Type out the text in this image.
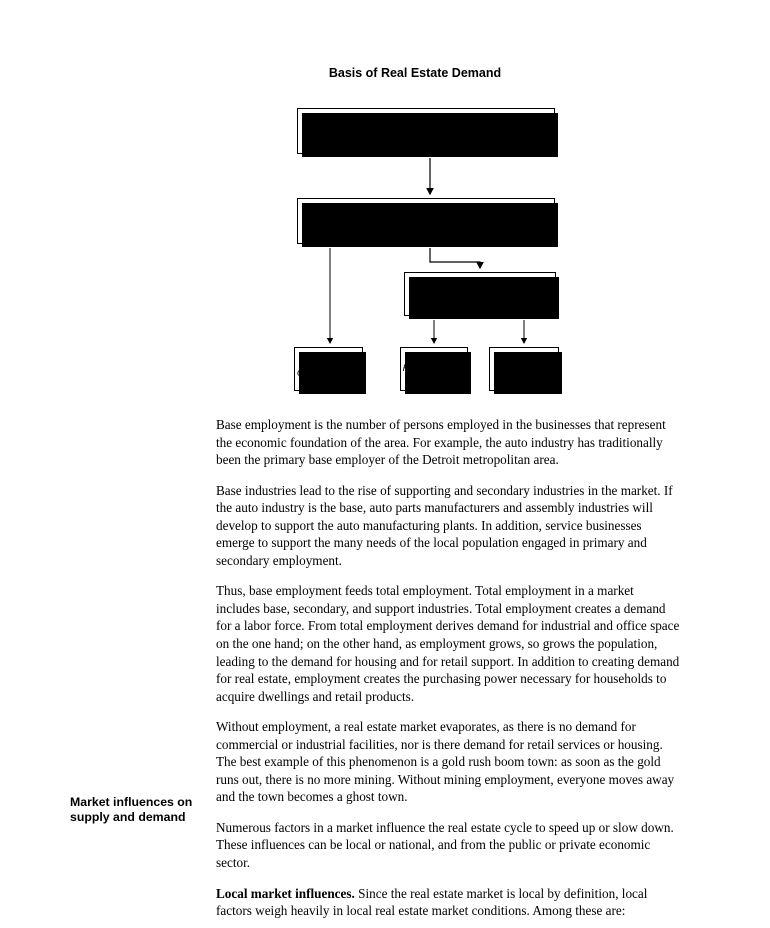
Basis of Real Estate Demand
Base employment
Total employment
Population
Industrial/ Office Demand	Retail Demand	Residential Demand
Market influences on supply and demand

Base employment is the number of persons employed in the businesses that represent the economic foundation of the area. For example, the auto industry has traditionally been the primary base employer of the Detroit metropolitan area.

Base industries lead to the rise of supporting and secondary industries in the market. If the auto industry is the base, auto parts manufacturers and assembly industries will develop to support the auto manufacturing plants. In addition, service businesses emerge to support the many needs of the local population engaged in primary and secondary employment.

Thus, base employment feeds total employment. Total employment in a market includes base, secondary, and support industries. Total employment creates a demand for a labor force. From total employment derives demand for industrial and office space on the one hand; on the other hand, as employment grows, so grows the population, leading to the demand for housing and for retail support. In addition to creating demand for real estate, employment creates the purchasing power necessary for households to acquire dwellings and retail products.

Without employment, a real estate market evaporates, as there is no demand for commercial or industrial facilities, nor is there demand for retail services or housing. The best example of this phenomenon is a gold rush boom town: as soon as the gold runs out, there is no more mining. Without mining employment, everyone moves away and the town becomes a ghost town.

Numerous factors in a market influence the real estate cycle to speed up or slow down. These influences can be local or national, and from the public or private economic sector.

Local market influences. Since the real estate market is local by definition, local factors weigh heavily in local real estate market conditions. Among these are:
